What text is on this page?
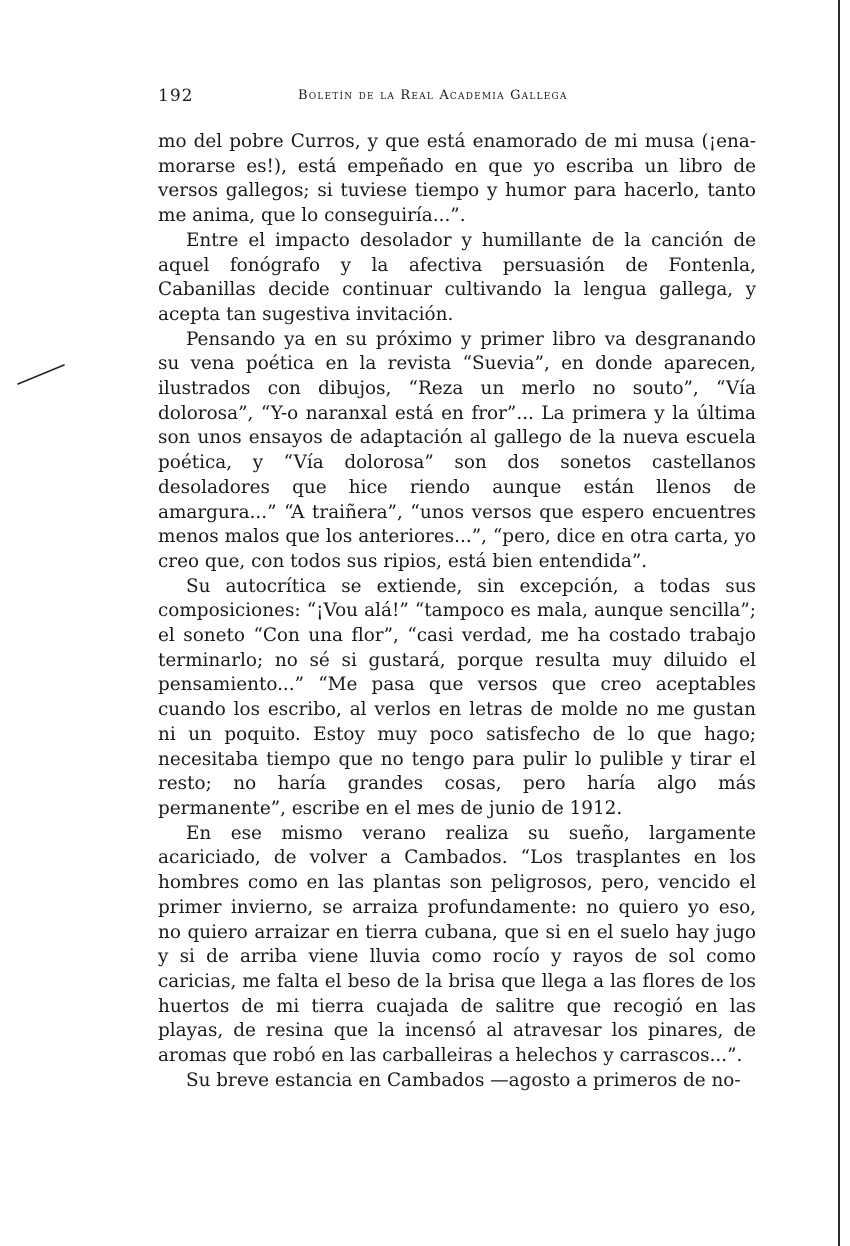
192	Boletín de la Real Academia Gallega

mo del pobre Curros, y que está enamorado de mi musa (¡ena-morarse es!), está empeñado en que yo escriba un libro de versos gallegos; si tuviese tiempo y humor para hacerlo, tanto me anima, que lo conseguiría...”.

Entre el impacto desolador y humillante de la canción de aquel fonógrafo y la afectiva persuasión de Fontenla, Cabanillas decide continuar cultivando la lengua gallega, y acepta tan sugestiva invitación.

Pensando ya en su próximo y primer libro va desgranando su vena poética en la revista “Suevia”, en donde aparecen, ilustrados con dibujos, “Reza un merlo no souto”, “Vía dolorosa”, “Y-o naranxal está en fror”... La primera y la última son unos ensayos de adaptación al gallego de la nueva escuela poética, y “Vía dolorosa” son dos sonetos castellanos desoladores que hice riendo aunque están llenos de amargura...” “A traiñera”, “unos versos que espero encuentres menos malos que los anteriores...”, “pero, dice en otra carta, yo creo que, con todos sus ripios, está bien entendida”.

Su autocrítica se extiende, sin excepción, a todas sus composiciones: “¡Vou alá!” “tampoco es mala, aunque sencilla”; el soneto “Con una flor”, “casi verdad, me ha costado trabajo terminarlo; no sé si gustará, porque resulta muy diluido el pensamiento...” “Me pasa que versos que creo aceptables cuando los escribo, al verlos en letras de molde no me gustan ni un poquito. Estoy muy poco satisfecho de lo que hago; necesitaba tiempo que no tengo para pulir lo pulible y tirar el resto; no haría grandes cosas, pero haría algo más permanente”, escribe en el mes de junio de 1912.

En ese mismo verano realiza su sueño, largamente acariciado, de volver a Cambados. “Los trasplantes en los hombres como en las plantas son peligrosos, pero, vencido el primer invierno, se arraiza profundamente: no quiero yo eso, no quiero arraizar en tierra cubana, que si en el suelo hay jugo y si de arriba viene lluvia como rocío y rayos de sol como caricias, me falta el beso de la brisa que llega a las flores de los huertos de mi tierra cuajada de salitre que recogió en las playas, de resina que la incensó al atravesar los pinares, de aromas que robó en las carballeiras a helechos y carrascos...”.

Su breve estancia en Cambados —agosto a primeros de no-
